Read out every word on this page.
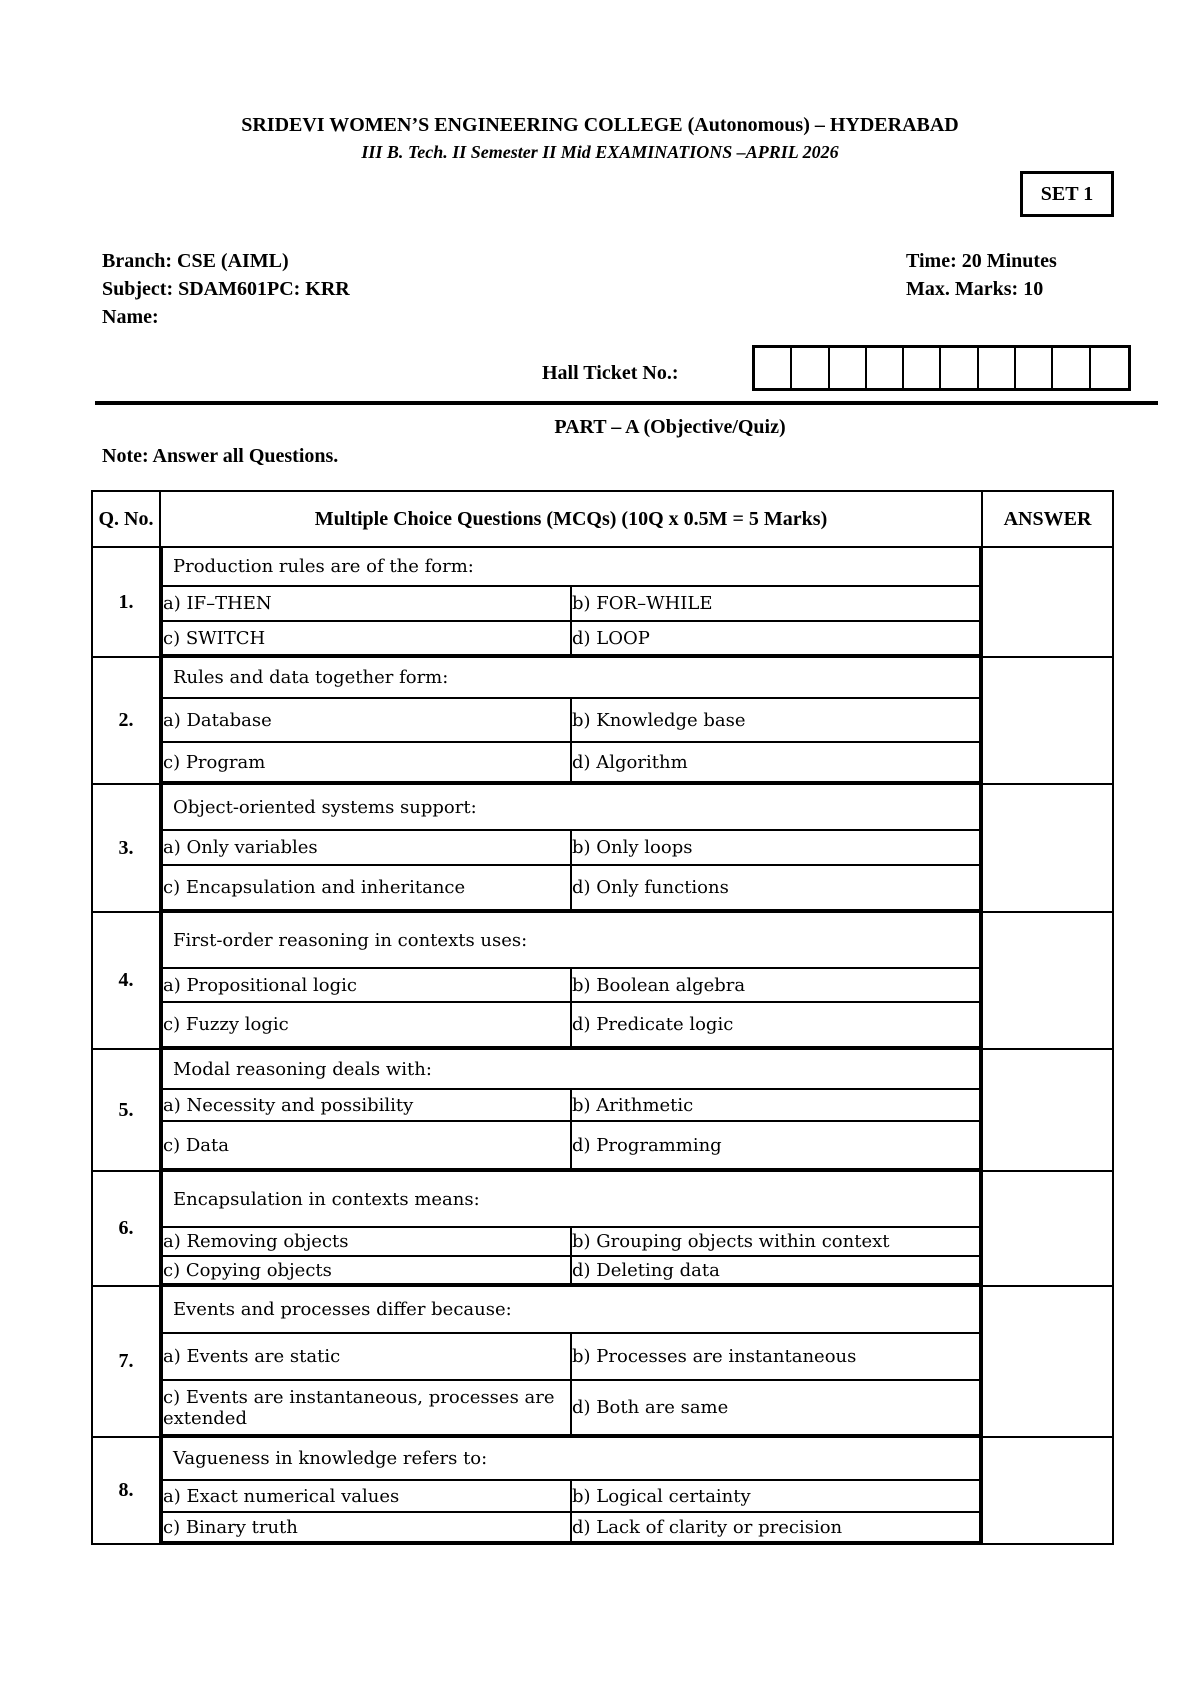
SRIDEVI WOMEN’S ENGINEERING COLLEGE (Autonomous) – HYDERABAD
III B. Tech. II Semester II Mid EXAMINATIONS –APRIL 2026
SET 1
Branch: CSE (AIML)
Subject: SDAM601PC: KRR
Name:
Time: 20 Minutes
Max. Marks: 10
Hall Ticket No.:
PART – A (Objective/Quiz)
Note: Answer all Questions.
Q. No.	Multiple Choice Questions (MCQs) (10Q x 0.5M = 5 Marks)	ANSWER
1.	
Production rules are of the form:
a) IF–THEN	b) FOR–WHILE
c) SWITCH	d) LOOP

2.	
Rules and data together form:
a) Database	b) Knowledge base
c) Program	d) Algorithm

3.	
Object-oriented systems support:
a) Only variables	b) Only loops
c) Encapsulation and inheritance	d) Only functions

4.	
First-order reasoning in contexts uses:
a) Propositional logic	b) Boolean algebra
c) Fuzzy logic	d) Predicate logic

5.	
Modal reasoning deals with:
a) Necessity and possibility	b) Arithmetic
c) Data	d) Programming

6.	
Encapsulation in contexts means:
a) Removing objects	b) Grouping objects within context
c) Copying objects	d) Deleting data

7.	
Events and processes differ because:
a) Events are static	b) Processes are instantaneous
c) Events are instantaneous, processes are extended	d) Both are same

8.	
Vagueness in knowledge refers to:
a) Exact numerical values	b) Logical certainty
c) Binary truth	d) Lack of clarity or precision
